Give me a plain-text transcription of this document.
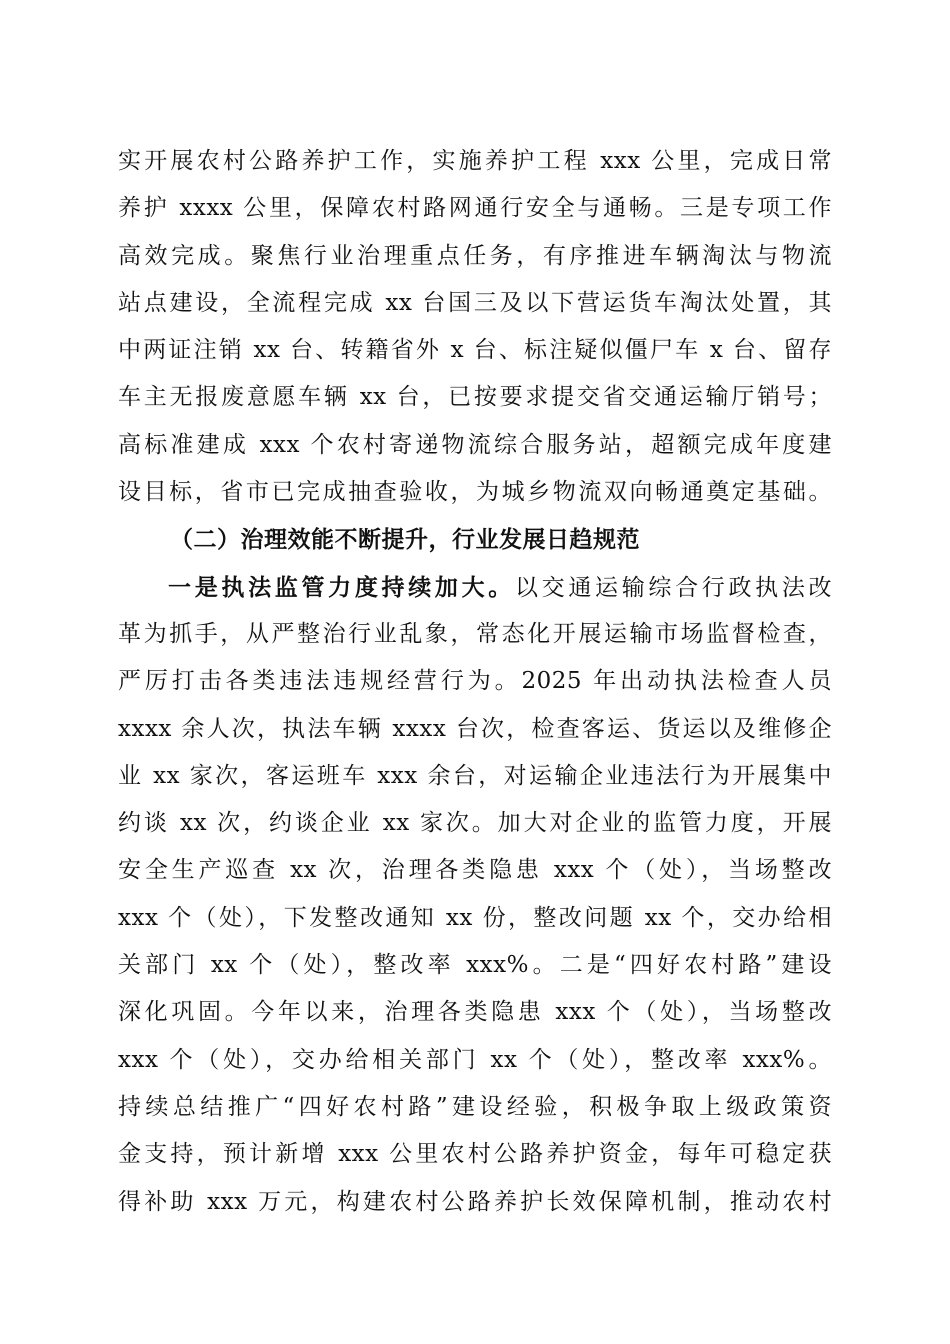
实开展农村公路养护工作，实施养护工程 xxx 公里，完成日常
养护 xxxx 公里，保障农村路网通行安全与通畅。三是专项工作
高效完成。聚焦行业治理重点任务，有序推进车辆淘汰与物流
站点建设，全流程完成 xx 台国三及以下营运货车淘汰处置，其
中两证注销 xx 台、转籍省外 x 台、标注疑似僵尸车 x 台、留存
车主无报废意愿车辆 xx 台，已按要求提交省交通运输厅销号；
高标准建成 xxx 个农村寄递物流综合服务站，超额完成年度建
设目标，省市已完成抽查验收，为城乡物流双向畅通奠定基础。
（二）治理效能不断提升，行业发展日趋规范
一是执法监管力度持续加大。以交通运输综合行政执法改
革为抓手，从严整治行业乱象，常态化开展运输市场监督检查，
严厉打击各类违法违规经营行为。2025 年出动执法检查人员
xxxx 余人次，执法车辆 xxxx 台次，检查客运、货运以及维修企
业 xx 家次，客运班车 xxx 余台，对运输企业违法行为开展集中
约谈 xx 次，约谈企业 xx 家次。加大对企业的监管力度，开展
安全生产巡查 xx 次，治理各类隐患 xxx 个（处），当场整改
xxx 个（处），下发整改通知 xx 份，整改问题 xx 个，交办给相
关部门 xx 个（处），整改率 xxx%。二是“四好农村路”建设
深化巩固。今年以来，治理各类隐患 xxx 个（处），当场整改
xxx 个（处），交办给相关部门 xx 个（处），整改率 xxx%。
持续总结推广“四好农村路”建设经验，积极争取上级政策资
金支持，预计新增 xxx 公里农村公路养护资金，每年可稳定获
得补助 xxx 万元，构建农村公路养护长效保障机制，推动农村
